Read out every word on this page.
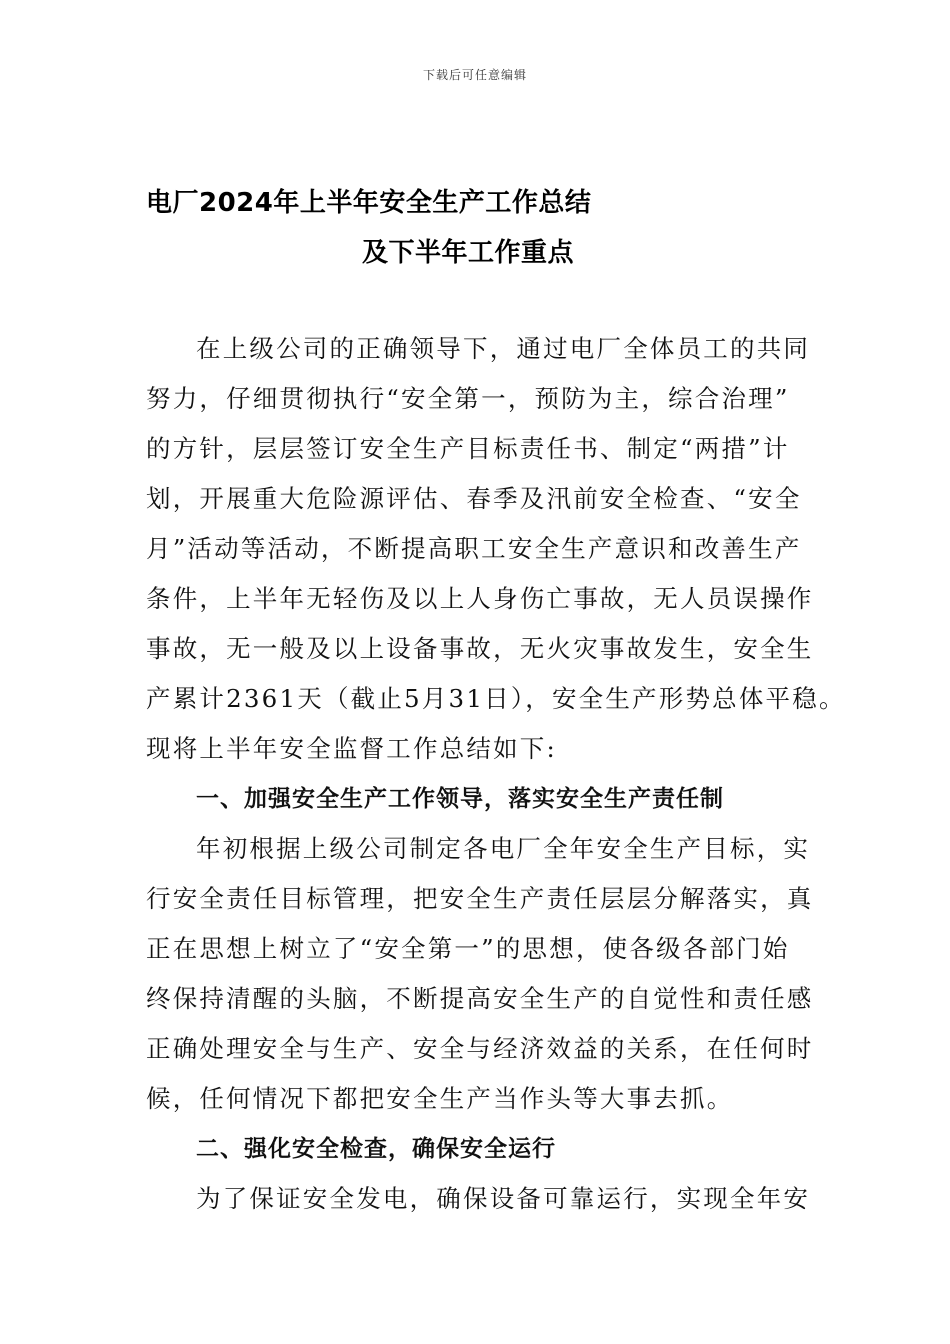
下载后可任意编辑
电厂2024年上半年安全生产工作总结
及下半年工作重点
在上级公司的正确领导下，通过电厂全体员工的共同
努力，仔细贯彻执行“安全第一，预防为主，综合治理”
的方针，层层签订安全生产目标责任书、制定“两措”计
划，开展重大危险源评估、春季及汛前安全检查、“安全
月”活动等活动，不断提高职工安全生产意识和改善生产
条件，上半年无轻伤及以上人身伤亡事故，无人员误操作
事故，无一般及以上设备事故，无火灾事故发生，安全生
产累计2361天（截止5月31日），安全生产形势总体平稳。
现将上半年安全监督工作总结如下:
一、加强安全生产工作领导，落实安全生产责任制
年初根据上级公司制定各电厂全年安全生产目标，实
行安全责任目标管理，把安全生产责任层层分解落实，真
正在思想上树立了“安全第一”的思想，使各级各部门始
终保持清醒的头脑，不断提高安全生产的自觉性和责任感
正确处理安全与生产、安全与经济效益的关系，在任何时
候，任何情况下都把安全生产当作头等大事去抓。
二、强化安全检查，确保安全运行
为了保证安全发电，确保设备可靠运行，实现全年安
